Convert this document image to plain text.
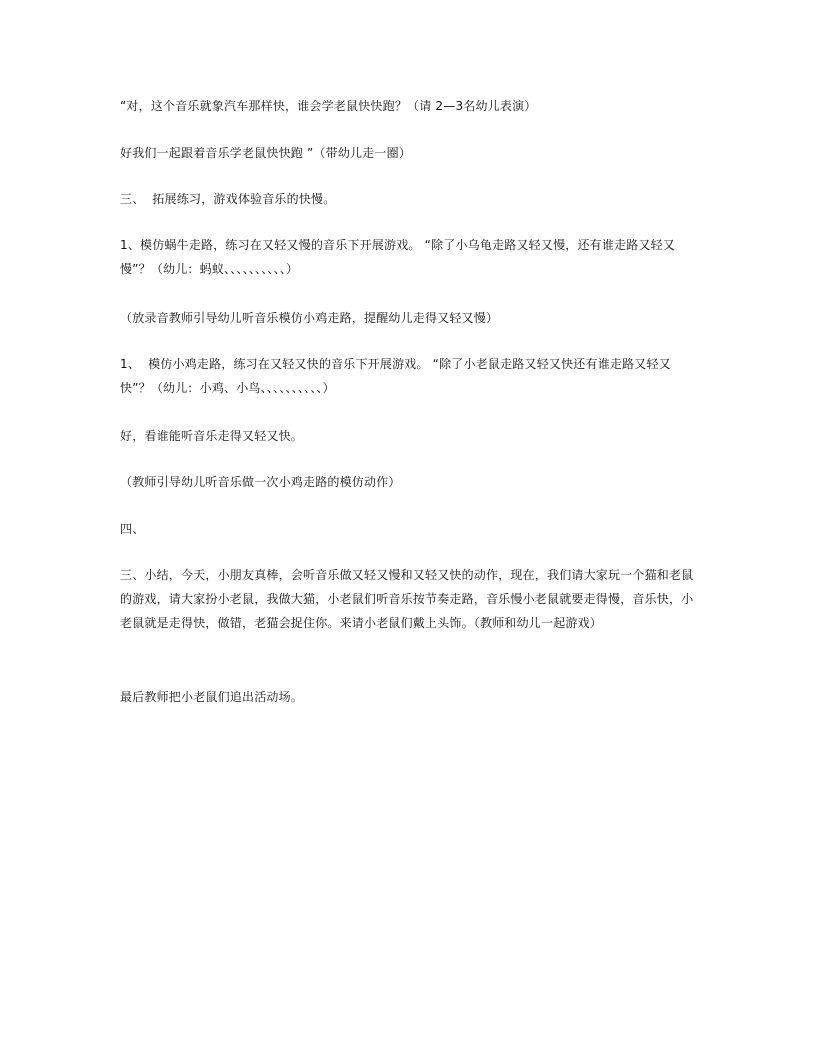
“对，这个音乐就象汽车那样快，谁会学老鼠快快跑？（请 2—3名幼儿表演）

好我们一起跟着音乐学老鼠快快跑 ”（带幼儿走一圈）

三、  拓展练习，游戏体验音乐的快慢。

1、模仿蜗牛走路，练习在又轻又慢的音乐下开展游戏。 “除了小乌龟走路又轻又慢，还有谁走路又轻又慢”？（幼儿：蚂蚁、、、、、、、、、、）

（放录音教师引导幼儿听音乐模仿小鸡走路，提醒幼儿走得又轻又慢）

1、  模仿小鸡走路，练习在又轻又快的音乐下开展游戏。 “除了小老鼠走路又轻又快还有谁走路又轻又快”？（幼儿：小鸡、小鸟、、、、、、、、、、）

好，看谁能听音乐走得又轻又快。

（教师引导幼儿听音乐做一次小鸡走路的模仿动作）

四、

三、小结，今天，小朋友真棒，会听音乐做又轻又慢和又轻又快的动作，现在，我们请大家玩一个猫和老鼠的游戏，请大家扮小老鼠，我做大猫，小老鼠们听音乐按节奏走路，音乐慢小老鼠就要走得慢，音乐快，小老鼠就是走得快，做错，老猫会捉住你。来请小老鼠们戴上头饰。（教师和幼儿一起游戏）

最后教师把小老鼠们追出活动场。
